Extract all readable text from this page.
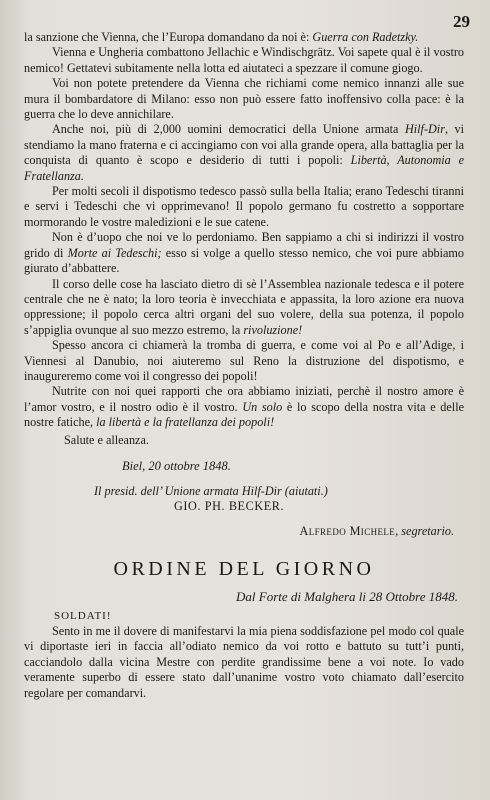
29

la sanzione che Vienna, che l’Europa domandano da noi è: Guerra con Radetzky.

Vienna e Ungheria combattono Jellachic e Windischgrätz. Voi sapete qual è il vostro nemico! Gettatevi subitamente nella lotta ed aiutateci a spezzare il comune giogo.

Voi non potete pretendere da Vienna che richiami come nemico innanzi alle sue mura il bombardatore di Milano: esso non può essere fatto inoffensivo colla pace: è la guerra che lo deve annichilare.

Anche noi, più di 2,000 uomini democratici della Unione armata Hilf-Dir, vi stendiamo la mano fraterna e ci accingiamo con voi alla grande opera, alla battaglia per la conquista di quanto è scopo e desiderio di tutti i popoli: Libertà, Autonomia e Fratellanza.

Per molti secoli il dispotismo tedesco passò sulla bella Italia; erano Tedeschi tiranni e servi i Tedeschi che vi opprimevano! Il popolo germano fu costretto a sopportare mormorando le vostre maledizioni e le sue catene.

Non è d’uopo che noi ve lo perdoniamo. Ben sappiamo a chi si indirizzi il vostro grido di Morte ai Tedeschi; esso si volge a quello stesso nemico, che voi pure abbiamo giurato d’abbattere.

Il corso delle cose ha lasciato dietro di sè l’Assemblea nazionale tedesca e il potere centrale che ne è nato; la loro teoria è invecchiata e appassita, la loro azione era nuova oppressione; il popolo cerca altri organi del suo volere, della sua potenza, il popolo s’appiglia ovunque al suo mezzo estremo, la rivoluzione!

Spesso ancora ci chiamerà la tromba di guerra, e come voi al Po e all’Adige, i Viennesi al Danubio, noi aiuteremo sul Reno la distruzione del dispotismo, e inaugureremo come voi il congresso dei popoli!

Nutrite con noi quei rapporti che ora abbiamo iniziati, perchè il nostro amore è l’amor vostro, e il nostro odio è il vostro. Un solo è lo scopo della nostra vita e delle nostre fatiche, la libertà e la fratellanza dei popoli!

Salute e alleanza.
Biel, 20 ottobre 1848.
Il presid. dell’ Unione armata Hilf-Dir (aiutati.)
GIO. PH. BECKER.
Alfredo Michele, segretario.
ORDINE DEL GIORNO
Dal Forte di Malghera li 28 Ottobre 1848.
SOLDATI!

Sento in me il dovere di manifestarvi la mia piena soddisfazione pel modo col quale vi diportaste ieri in faccia all’odiato nemico da voi rotto e battuto su tutt’i punti, cacciandolo dalla vicina Mestre con perdite grandissime bene a voi note. Io vado veramente superbo di essere stato dall’unanime vostro voto chiamato dall’esercito regolare per comandarvi.
